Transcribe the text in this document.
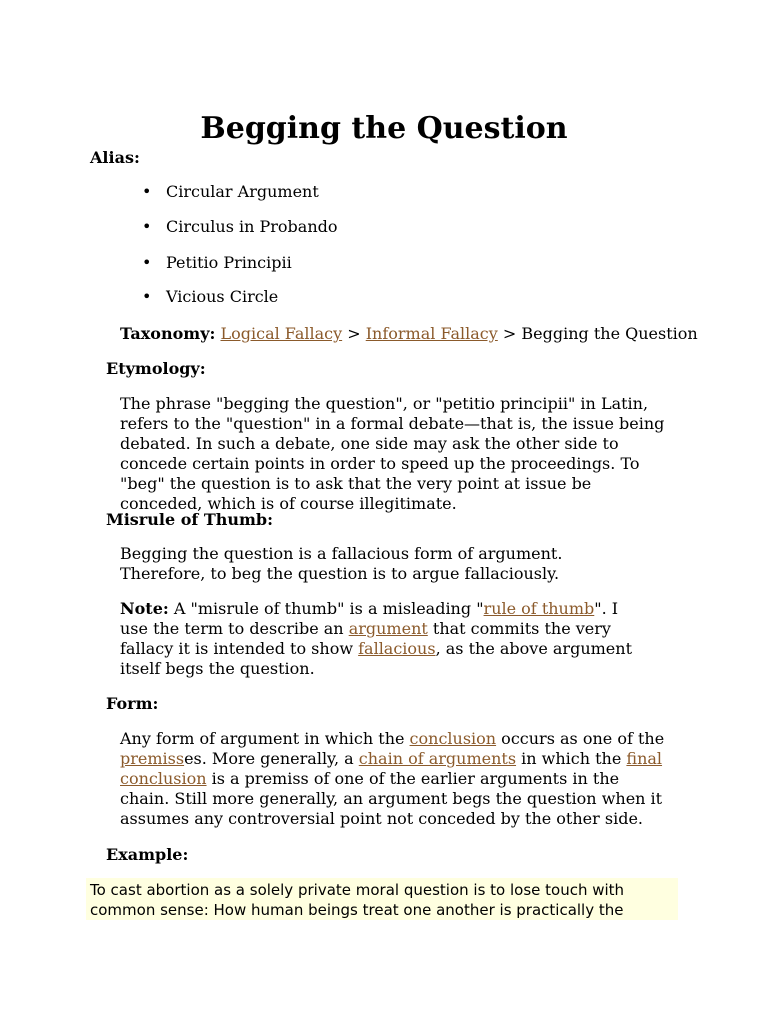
Begging the Question
Alias:
• Circular Argument
• Circulus in Probando
• Petitio Principii
• Vicious Circle
Taxonomy: Logical Fallacy > Informal Fallacy > Begging the Question
Etymology:

The phrase "begging the question", or "petitio principii" in Latin, refers to the "question" in a formal debate—that is, the issue being debated. In such a debate, one side may ask the other side to concede certain points in order to speed up the proceedings. To "beg" the question is to ask that the very point at issue be conceded, which is of course illegitimate.

Misrule of Thumb:

Begging the question is a fallacious form of argument.

Therefore, to beg the question is to argue fallaciously.

Note: A "misrule of thumb" is a misleading "rule of thumb". I use the term to describe an argument that commits the very fallacy it is intended to show fallacious, as the above argument itself begs the question.

Form:

Any form of argument in which the conclusion occurs as one of the premisses. More generally, a chain of arguments in which the final conclusion is a premiss of one of the earlier arguments in the chain. Still more generally, an argument begs the question when it assumes any controversial point not conceded by the other side.

Example:

To cast abortion as a solely private moral question is to lose touch with common sense: How human beings treat one another is practically the
